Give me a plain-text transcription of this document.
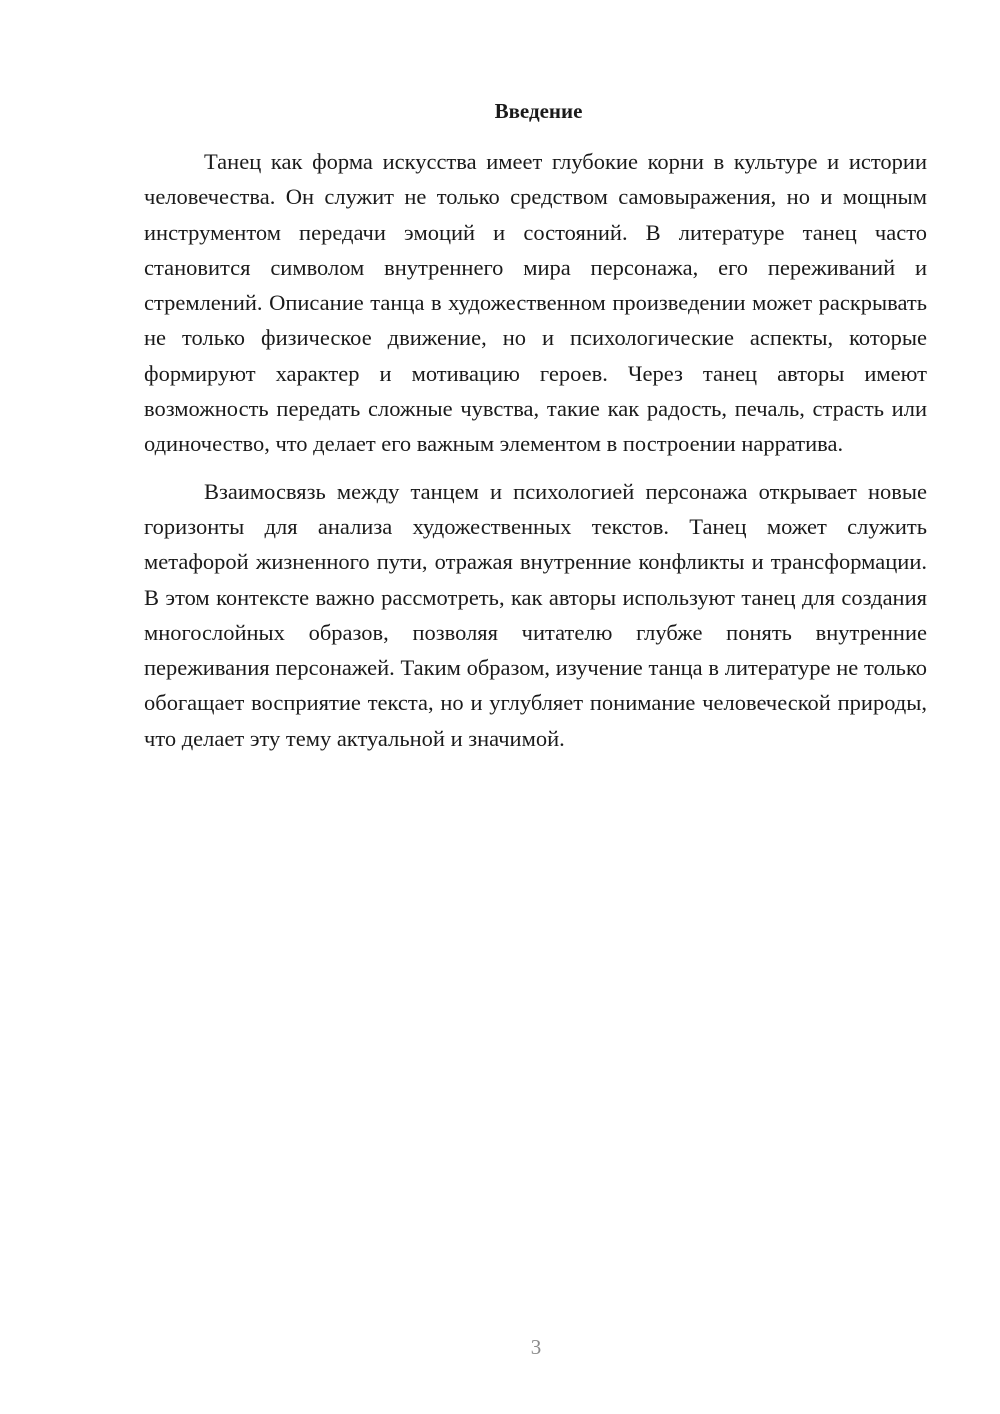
Введение

Танец как форма искусства имеет глубокие корни в культуре и истории человечества. Он служит не только средством самовыражения, но и мощным инструментом передачи эмоций и состояний. В литературе танец часто становится символом внутреннего мира персонажа, его переживаний и стремлений. Описание танца в художественном произведении может раскрывать не только физическое движение, но и психологические аспекты, которые формируют характер и мотивацию героев. Через танец авторы имеют возможность передать сложные чувства, такие как радость, печаль, страсть или одиночество, что делает его важным элементом в построении нарратива.

Взаимосвязь между танцем и психологией персонажа открывает новые горизонты для анализа художественных текстов. Танец может служить метафорой жизненного пути, отражая внутренние конфликты и трансформации. В этом контексте важно рассмотреть, как авторы используют танец для создания многослойных образов, позволяя читателю глубже понять внутренние переживания персонажей. Таким образом, изучение танца в литературе не только обогащает восприятие текста, но и углубляет понимание человеческой природы, что делает эту тему актуальной и значимой.

3
